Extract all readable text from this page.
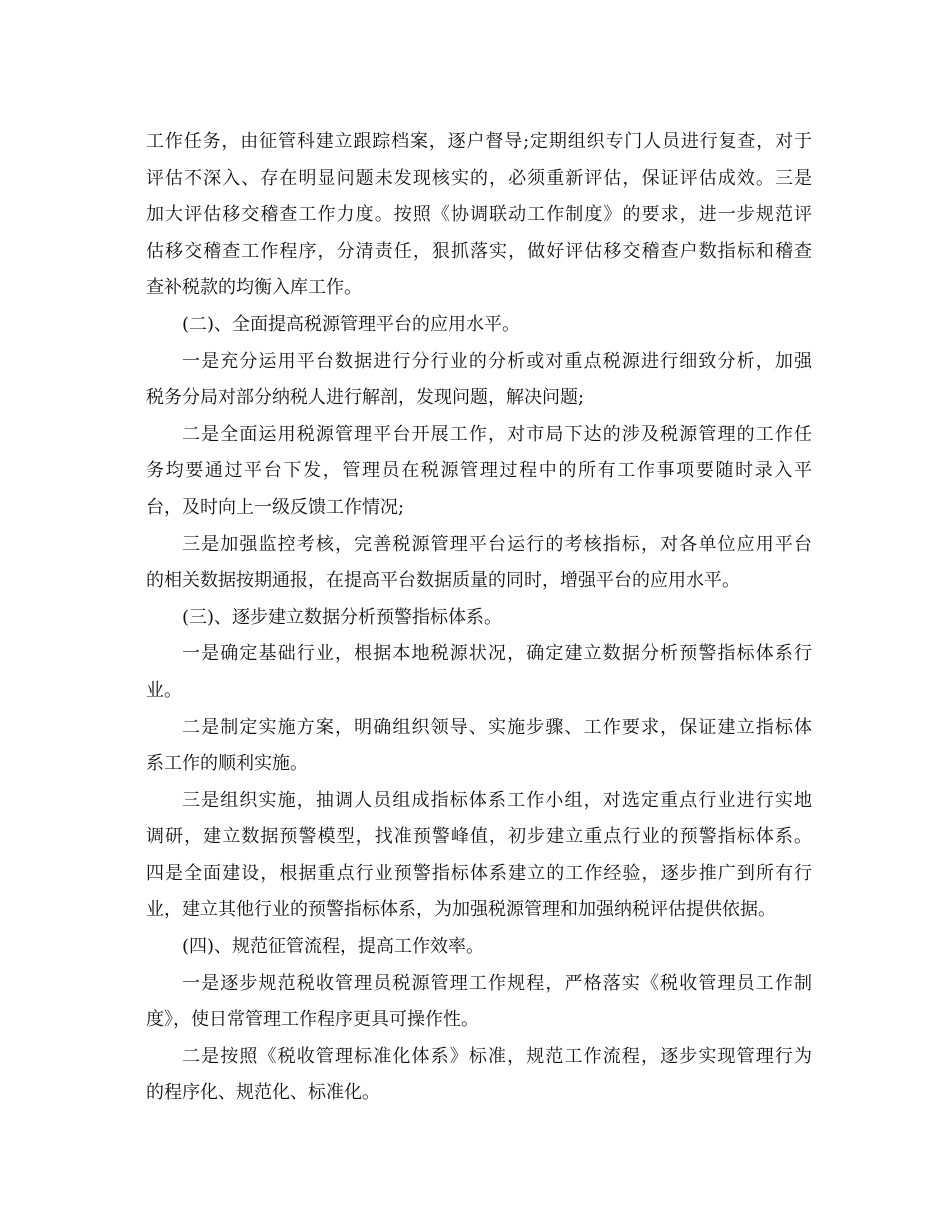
工作任务，由征管科建立跟踪档案，逐户督导;定期组织专门人员进行复查，对于
评估不深入、存在明显问题未发现核实的，必须重新评估，保证评估成效。三是
加大评估移交稽查工作力度。按照《协调联动工作制度》的要求，进一步规范评
估移交稽查工作程序，分清责任，狠抓落实，做好评估移交稽查户数指标和稽查
查补税款的均衡入库工作。
(二)、全面提高税源管理平台的应用水平。
一是充分运用平台数据进行分行业的分析或对重点税源进行细致分析，加强
税务分局对部分纳税人进行解剖，发现问题，解决问题;
二是全面运用税源管理平台开展工作，对市局下达的涉及税源管理的工作任
务均要通过平台下发，管理员在税源管理过程中的所有工作事项要随时录入平
台，及时向上一级反馈工作情况;
三是加强监控考核，完善税源管理平台运行的考核指标，对各单位应用平台
的相关数据按期通报，在提高平台数据质量的同时，增强平台的应用水平。
(三)、逐步建立数据分析预警指标体系。
一是确定基础行业，根据本地税源状况，确定建立数据分析预警指标体系行
业。
二是制定实施方案，明确组织领导、实施步骤、工作要求，保证建立指标体
系工作的顺利实施。
三是组织实施，抽调人员组成指标体系工作小组，对选定重点行业进行实地
调研，建立数据预警模型，找准预警峰值，初步建立重点行业的预警指标体系。
四是全面建设，根据重点行业预警指标体系建立的工作经验，逐步推广到所有行
业，建立其他行业的预警指标体系，为加强税源管理和加强纳税评估提供依据。
(四)、规范征管流程，提高工作效率。
一是逐步规范税收管理员税源管理工作规程，严格落实《税收管理员工作制
度》，使日常管理工作程序更具可操作性。
二是按照《税收管理标准化体系》标准，规范工作流程，逐步实现管理行为
的程序化、规范化、标准化。
